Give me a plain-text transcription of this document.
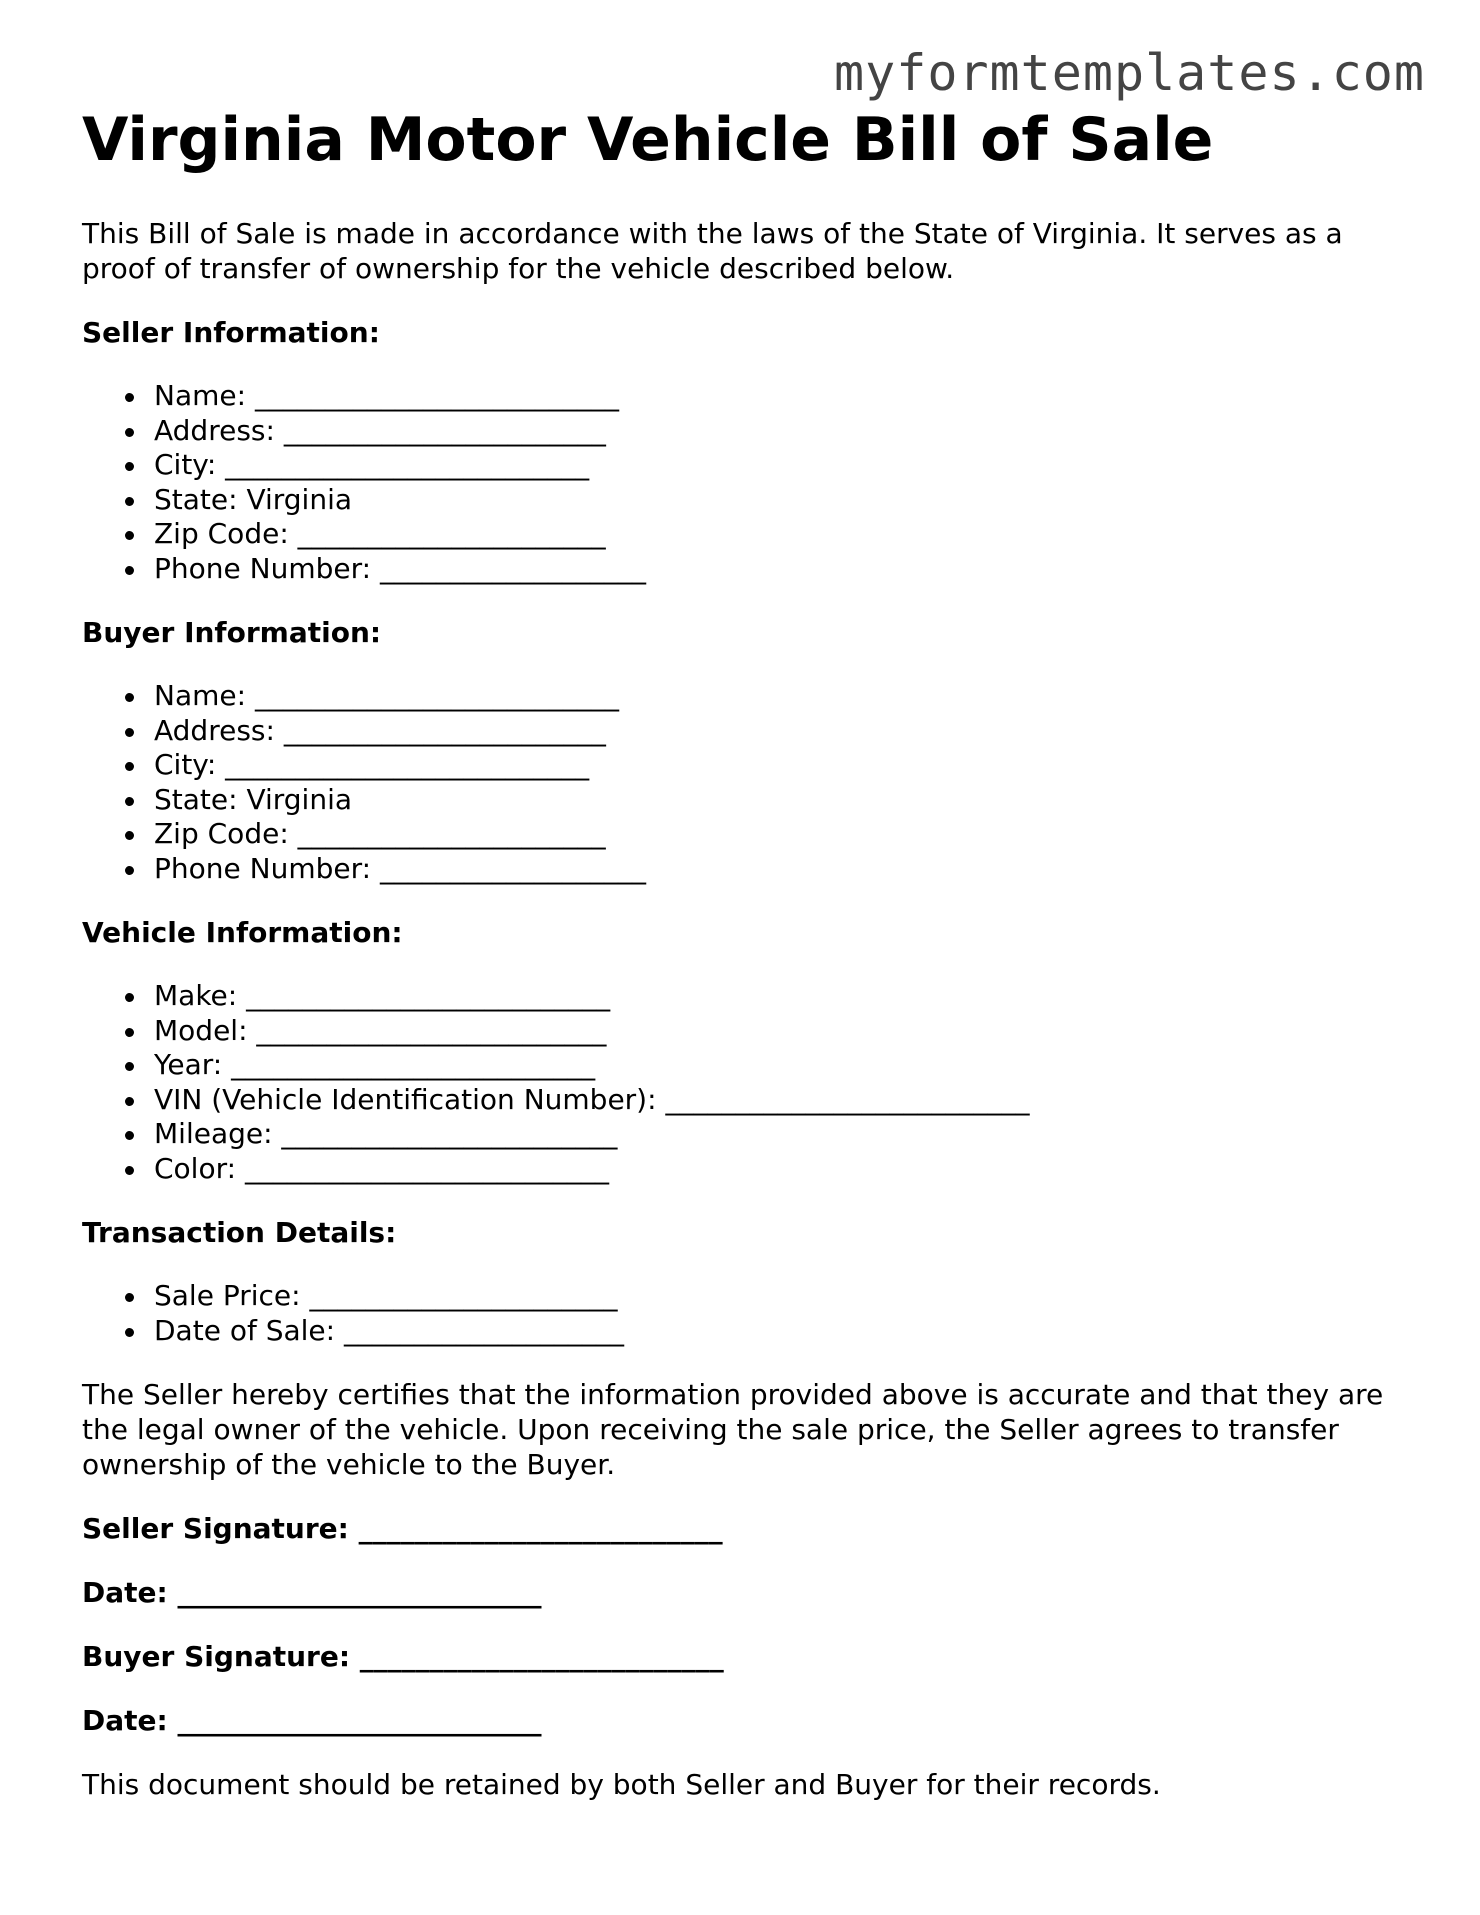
myformtemplates.com
Virginia Motor Vehicle Bill of Sale

This Bill of Sale is made in accordance with the laws of the State of Virginia. It serves as a proof of transfer of ownership for the vehicle described below.

Seller Information:
Name: __________________________
Address: _______________________
City: __________________________
State: Virginia
Zip Code: ______________________
Phone Number: ___________________
Buyer Information:
Name: __________________________
Address: _______________________
City: __________________________
State: Virginia
Zip Code: ______________________
Phone Number: ___________________
Vehicle Information:
Make: __________________________
Model: _________________________
Year: __________________________
VIN (Vehicle Identification Number): __________________________
Mileage: ________________________
Color: __________________________
Transaction Details:
Sale Price: ______________________
Date of Sale: ____________________

The Seller hereby certifies that the information provided above is accurate and that they are the legal owner of the vehicle. Upon receiving the sale price, the Seller agrees to transfer ownership of the vehicle to the Buyer.

Seller Signature: __________________________
Date: __________________________
Buyer Signature: __________________________
Date: __________________________

This document should be retained by both Seller and Buyer for their records.
